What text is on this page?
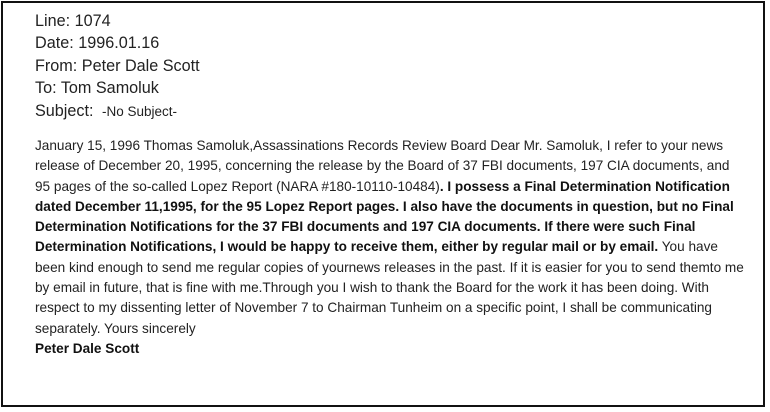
Line: 1074
Date: 1996.01.16
From: Peter Dale Scott
To: Tom Samoluk
Subject: -No Subject-
January 15, 1996 Thomas Samoluk,Assassinations Records Review Board Dear Mr. Samoluk, I refer to your news release of December 20, 1995, concerning the release by the Board of 37 FBI documents, 197 CIA documents, and 95 pages of the so-called Lopez Report (NARA #180-10110-10484). I possess a Final Determination Notification dated December 11,1995, for the 95 Lopez Report pages. I also have the documents in question, but no Final Determination Notifications for the 37 FBI documents and 197 CIA documents. If there were such Final Determination Notifications, I would be happy to receive them, either by regular mail or by email. You have been kind enough to send me regular copies of yournews releases in the past. If it is easier for you to send themto me by email in future, that is fine with me.Through you I wish to thank the Board for the work it has been doing. With respect to my dissenting letter of November 7 to Chairman Tunheim on a specific point, I shall be communicating separately. Yours sincerely
Peter Dale Scott
